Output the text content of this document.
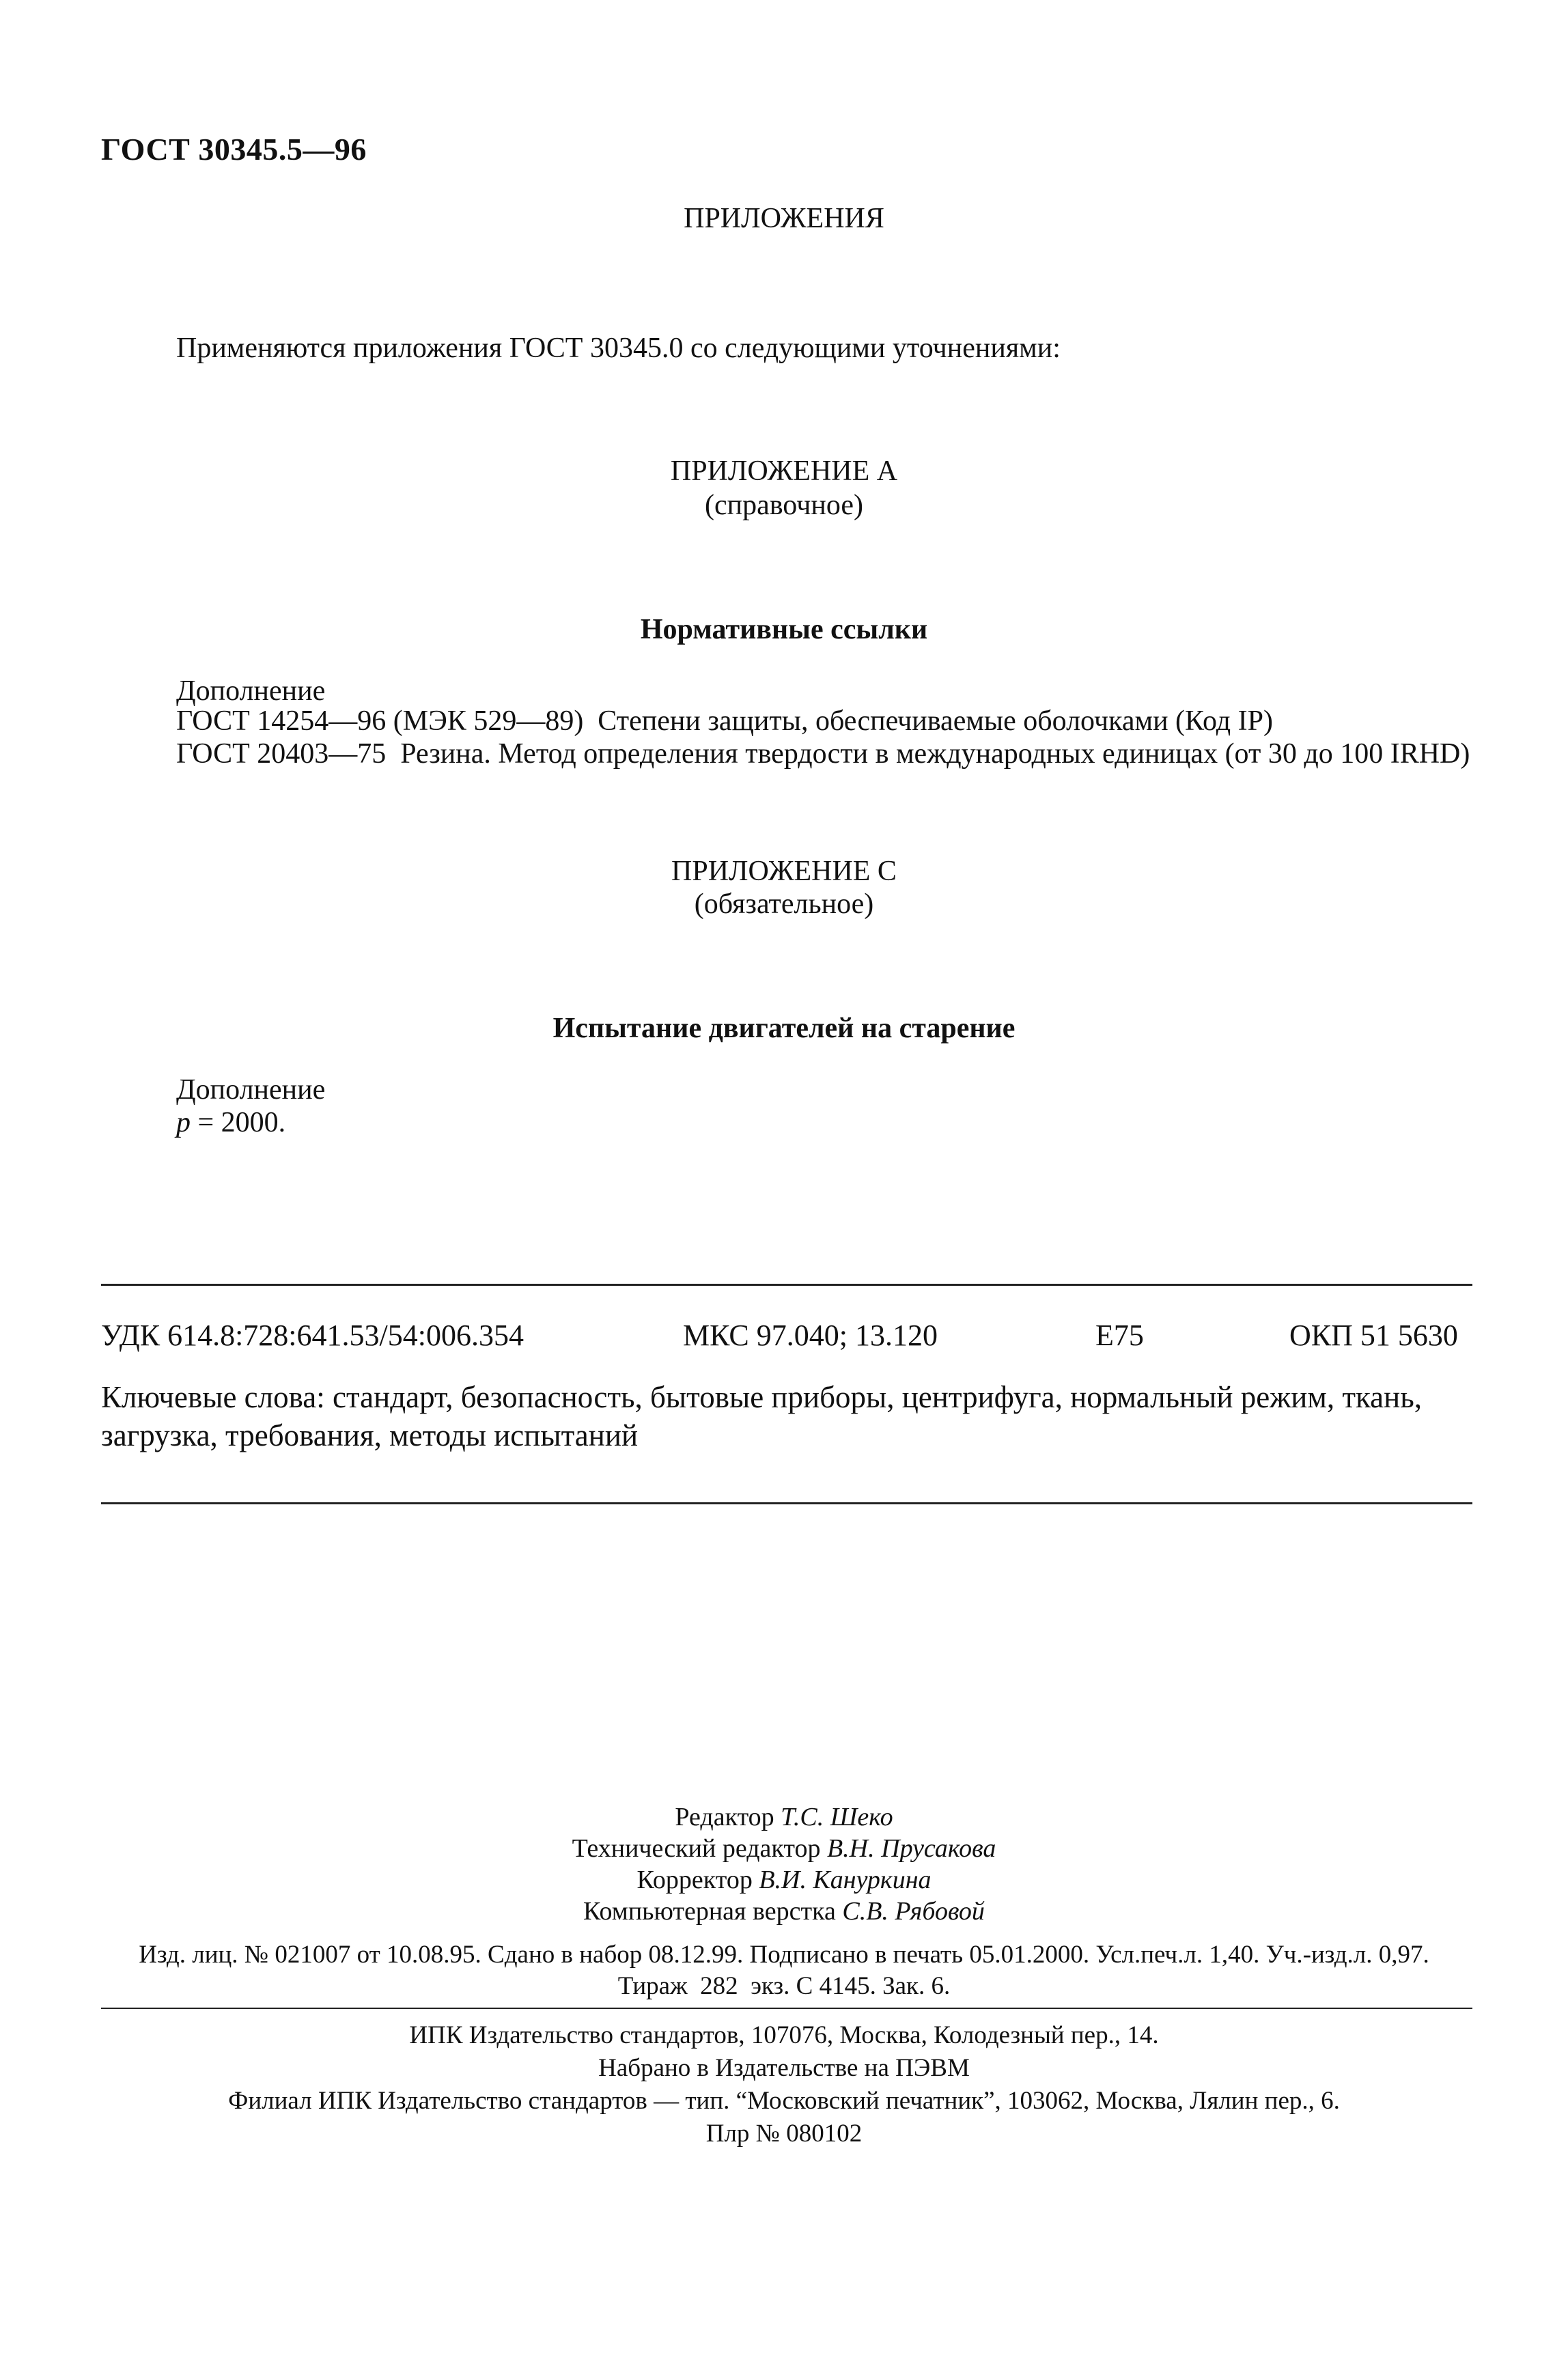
ГОСТ 30345.5—96
ПРИЛОЖЕНИЯ
Применяются приложения ГОСТ 30345.0 со следующими уточнениями:
ПРИЛОЖЕНИЕ А
(справочное)
Нормативные ссылки
Дополнение
ГОСТ 14254—96 (МЭК 529—89)  Степени защиты, обеспечиваемые оболочками (Код IP)
ГОСТ 20403—75  Резина. Метод определения твердости в международных единицах (от 30 до 100 IRHD)
ПРИЛОЖЕНИЕ С
(обязательное)
Испытание двигателей на старение
Дополнение
p = 2000.
УДК 614.8:728:641.53/54:006.354	МКС 97.040; 13.120	Е75	ОКП 51 5630
Ключевые слова: стандарт, безопасность, бытовые приборы, центрифуга, нормальный режим, ткань, загрузка, требования, методы испытаний
Редактор Т.С. Шеко
Технический редактор В.Н. Прусакова
Корректор В.И. Кануркина
Компьютерная верстка С.В. Рябовой
Изд. лиц. № 021007 от 10.08.95. Сдано в набор 08.12.99. Подписано в печать 05.01.2000. Усл.печ.л. 1,40. Уч.-изд.л. 0,97.
Тираж  282  экз. С 4145. Зак. 6.
ИПК Издательство стандартов, 107076, Москва, Колодезный пер., 14.
Набрано в Издательстве на ПЭВМ
Филиал ИПК Издательство стандартов — тип. “Московский печатник”, 103062, Москва, Лялин пер., 6.
Плр № 080102
